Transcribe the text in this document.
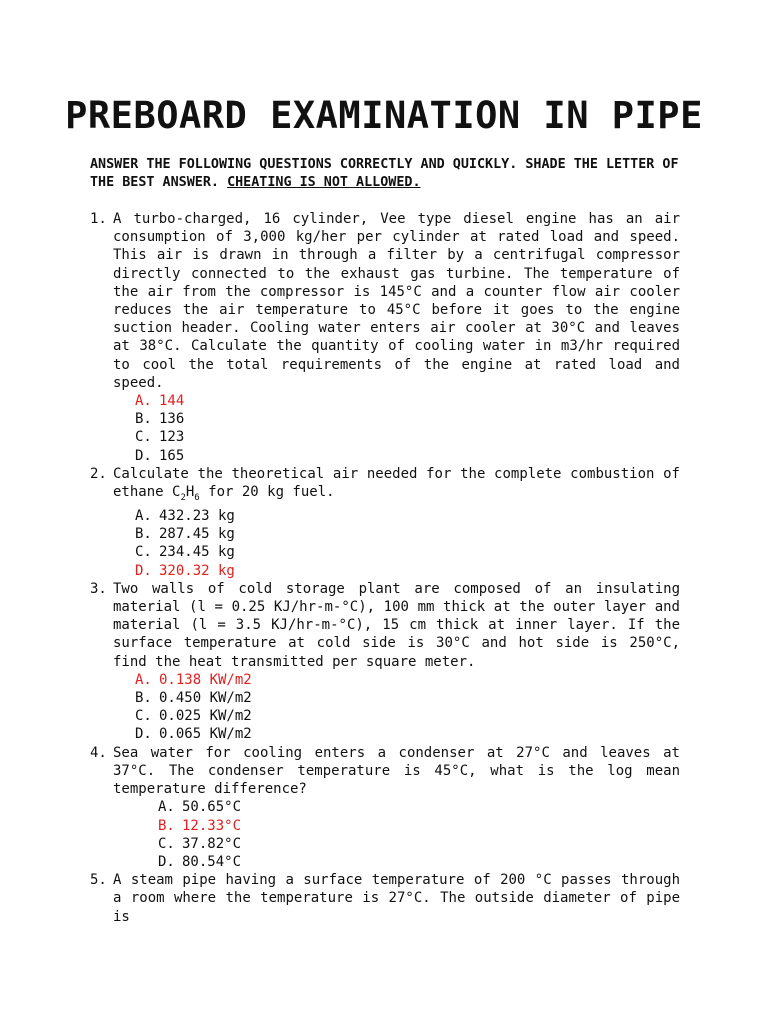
PREBOARD EXAMINATION IN PIPE
ANSWER THE FOLLOWING QUESTIONS CORRECTLY AND QUICKLY. SHADE THE LETTER OF THE BEST ANSWER. CHEATING IS NOT ALLOWED.
1. A turbo-charged, 16 cylinder, Vee type diesel engine has an air consumption of 3,000 kg/her per cylinder at rated load and speed. This air is drawn in through a filter by a centrifugal compressor directly connected to the exhaust gas turbine. The temperature of the air from the compressor is 145°C and a counter flow air cooler reduces the air temperature to 45°C before it goes to the engine suction header. Cooling water enters air cooler at 30°C and leaves at 38°C. Calculate the quantity of cooling water in m3/hr required to cool the total requirements of the engine at rated load and speed.

A. 144
B. 136
C. 123
D. 165
2. Calculate the theoretical air needed for the complete combustion of ethane $C_2H_6$ for 20 kg fuel.

A. 432.23 kg
B. 287.45 kg
C. 234.45 kg
D. 320.32 kg
3. Two walls of cold storage plant are composed of an insulating material (l = 0.25 KJ/hr-m-°C), 100 mm thick at the outer layer and material (l = 3.5 KJ/hr-m-°C), 15 cm thick at inner layer. If the surface temperature at cold side is 30°C and hot side is 250°C, find the heat transmitted per square meter.

A. 0.138 KW/m2
B. 0.450 KW/m2
C. 0.025 KW/m2
D. 0.065 KW/m2
4. Sea water for cooling enters a condenser at 27°C and leaves at 37°C. The condenser temperature is 45°C, what is the log mean temperature difference?

A. 50.65°C
B. 12.33°C
C. 37.82°C
D. 80.54°C
5. A steam pipe having a surface temperature of 200 °C passes through a room where the temperature is 27°C. The outside diameter of pipe is
